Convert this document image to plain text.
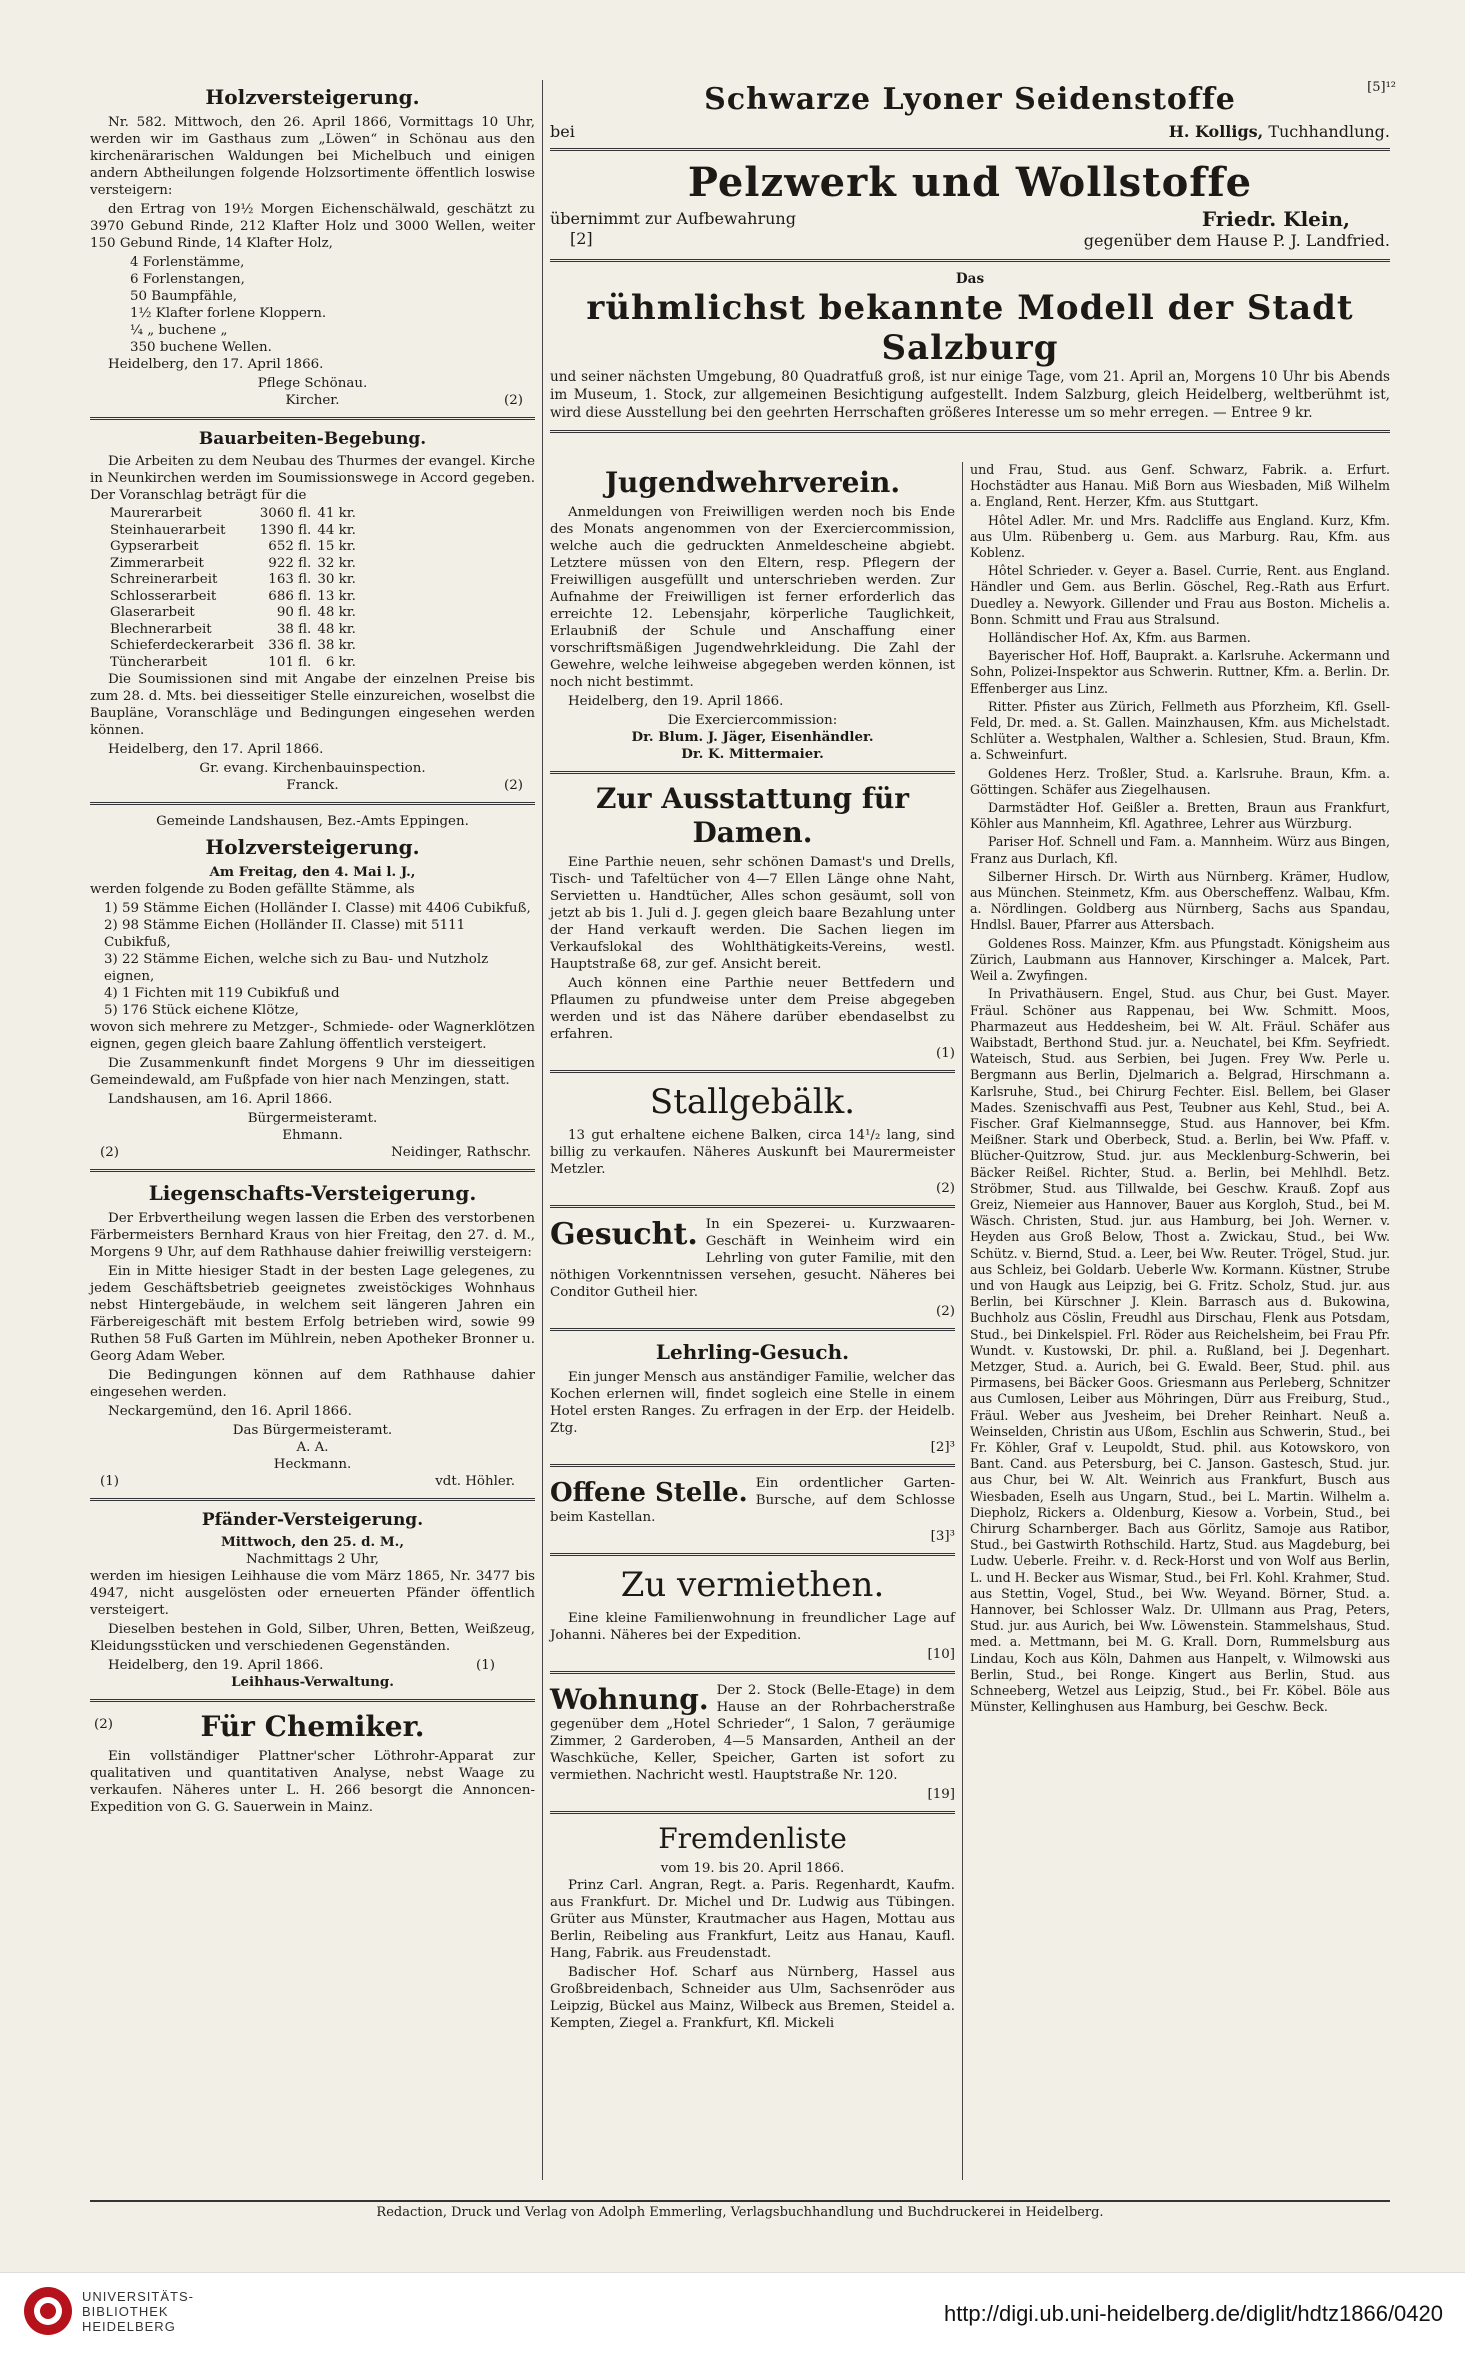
Holzversteigerung.

Nr. 582. Mittwoch, den 26. April 1866, Vormittags 10 Uhr, werden wir im Gasthaus zum „Löwen“ in Schönau aus den kirchenärarischen Waldungen bei Michelbuch und einigen andern Abtheilungen folgende Holzsortimente öffentlich loswise versteigern:

den Ertrag von 19½ Morgen Eichenschälwald, geschätzt zu 3970 Gebund Rinde, 212 Klafter Holz und 3000 Wellen, weiter 150 Gebund Rinde, 14 Klafter Holz,

4 Forlenstämme,
6 Forlenstangen,
50 Baumpfähle,
1½ Klafter forlene Kloppern.
¼ „ buchene „
350 buchene Wellen.

Heidelberg, den 17. April 1866.

Pflege Schönau.
Kircher.	(2)
Bauarbeiten-Begebung.

Die Arbeiten zu dem Neubau des Thurmes der evangel. Kirche in Neunkirchen werden im Soumissionswege in Accord gegeben. Der Voranschlag beträgt für die

Maurerarbeit	3060 fl.	41 kr.
Steinhauerarbeit	1390 fl.	44 kr.
Gypserarbeit	652 fl.	15 kr.
Zimmerarbeit	922 fl.	32 kr.
Schreinerarbeit	163 fl.	30 kr.
Schlosserarbeit	686 fl.	13 kr.
Glaserarbeit	90 fl.	48 kr.
Blechnerarbeit	38 fl.	48 kr.
Schieferdeckerarbeit	336 fl.	38 kr.
Tüncherarbeit	101 fl.	6 kr.

Die Soumissionen sind mit Angabe der einzelnen Preise bis zum 28. d. Mts. bei diesseitiger Stelle einzureichen, woselbst die Baupläne, Voranschläge und Bedingungen eingesehen werden können.

Heidelberg, den 17. April 1866.

Gr. evang. Kirchenbauinspection.
Franck.	(2)
Gemeinde Landshausen, Bez.-Amts Eppingen.
Holzversteigerung.
Am Freitag, den 4. Mai l. J.,

werden folgende zu Boden gefällte Stämme, als

1) 59 Stämme Eichen (Holländer I. Classe) mit 4406 Cubikfuß,
2) 98 Stämme Eichen (Holländer II. Classe) mit 5111 Cubikfuß,
3) 22 Stämme Eichen, welche sich zu Bau- und Nutzholz eignen,
4) 1 Fichten mit 119 Cubikfuß und
5) 176 Stück eichene Klötze,

wovon sich mehrere zu Metzger-, Schmiede- oder Wagnerklötzen eignen, gegen gleich baare Zahlung öffentlich versteigert.

Die Zusammenkunft findet Morgens 9 Uhr im diesseitigen Gemeindewald, am Fußpfade von hier nach Menzingen, statt.

Landshausen, am 16. April 1866.

Bürgermeisteramt.
Ehmann.
(2)	Neidinger, Rathschr.
Liegenschafts-Versteigerung.

Der Erbvertheilung wegen lassen die Erben des verstorbenen Färbermeisters Bernhard Kraus von hier Freitag, den 27. d. M., Morgens 9 Uhr, auf dem Rathhause dahier freiwillig versteigern:

Ein in Mitte hiesiger Stadt in der besten Lage gelegenes, zu jedem Geschäftsbetrieb geeignetes zweistöckiges Wohnhaus nebst Hintergebäude, in welchem seit längeren Jahren ein Färbereigeschäft mit bestem Erfolg betrieben wird, sowie 99 Ruthen 58 Fuß Garten im Mühlrein, neben Apotheker Bronner u. Georg Adam Weber.

Die Bedingungen können auf dem Rathhause dahier eingesehen werden.

Neckargemünd, den 16. April 1866.

Das Bürgermeisteramt.
A. A.
Heckmann.
(1)	vdt. Höhler.
Pfänder-Versteigerung.
Mittwoch, den 25. d. M.,
Nachmittags 2 Uhr,

werden im hiesigen Leihhause die vom März 1865, Nr. 3477 bis 4947, nicht ausgelösten oder erneuerten Pfänder öffentlich versteigert.

Dieselben bestehen in Gold, Silber, Uhren, Betten, Weißzeug, Kleidungsstücken und verschiedenen Gegenständen.

Heidelberg, den 19. April 1866.	(1)
Leihhaus-Verwaltung.
(2)	Für Chemiker.

Ein vollständiger Plattner'scher Löthrohr-Apparat zur qualitativen und quantitativen Analyse, nebst Waage zu verkaufen. Näheres unter L. H. 266 besorgt die Annoncen-Expedition von G. G. Sauerwein in Mainz.

Schwarze Lyoner Seidenstoffe	[5]¹²
bei	H. Kolligs, Tuchhandlung.
Pelzwerk und Wollstoffe
übernimmt zur Aufbewahrung	Friedr. Klein,
[2]	gegenüber dem Hause P. J. Landfried.
Das
rühmlichst bekannte Modell der Stadt Salzburg

und seiner nächsten Umgebung, 80 Quadratfuß groß, ist nur einige Tage, vom 21. April an, Morgens 10 Uhr bis Abends im Museum, 1. Stock, zur allgemeinen Besichtigung aufgestellt. Indem Salzburg, gleich Heidelberg, weltberühmt ist, wird diese Ausstellung bei den geehrten Herrschaften größeres Interesse um so mehr erregen. — Entree 9 kr.

Jugendwehrverein.

Anmeldungen von Freiwilligen werden noch bis Ende des Monats angenommen von der Exerciercommission, welche auch die gedruckten Anmeldescheine abgiebt. Letztere müssen von den Eltern, resp. Pflegern der Freiwilligen ausgefüllt und unterschrieben werden. Zur Aufnahme der Freiwilligen ist ferner erforderlich das erreichte 12. Lebensjahr, körperliche Tauglichkeit, Erlaubniß der Schule und Anschaffung einer vorschriftsmäßigen Jugendwehrkleidung. Die Zahl der Gewehre, welche leihweise abgegeben werden können, ist noch nicht bestimmt.

Heidelberg, den 19. April 1866.

Die Exerciercommission:
Dr. Blum. J. Jäger, Eisenhändler.
Dr. K. Mittermaier.
Zur Ausstattung für Damen.

Eine Parthie neuen, sehr schönen Damast's und Drells, Tisch- und Tafeltücher von 4—7 Ellen Länge ohne Naht, Servietten u. Handtücher, Alles schon gesäumt, soll von jetzt ab bis 1. Juli d. J. gegen gleich baare Bezahlung unter der Hand verkauft werden. Die Sachen liegen im Verkaufslokal des Wohlthätigkeits-Vereins, westl. Hauptstraße 68, zur gef. Ansicht bereit.

Auch können eine Parthie neuer Bettfedern und Pflaumen zu pfundweise unter dem Preise abgegeben werden und ist das Nähere darüber ebendaselbst zu erfahren.

(1)
Stallgebälk.

13 gut erhaltene eichene Balken, circa 14¹/₂ lang, sind billig zu verkaufen. Näheres Auskunft bei Maurermeister Metzler.

(2)
Gesucht. In ein Spezerei- u. Kurzwaaren-Geschäft in Weinheim wird ein Lehrling von guter Familie, mit den nöthigen Vorkenntnissen versehen, gesucht. Näheres bei Conditor Gutheil hier.

(2)
Lehrling-Gesuch.

Ein junger Mensch aus anständiger Familie, welcher das Kochen erlernen will, findet sogleich eine Stelle in einem Hotel ersten Ranges. Zu erfragen in der Erp. der Heidelb. Ztg.

[2]³
Offene Stelle. Ein ordentlicher Garten-Bursche, auf dem Schlosse beim Kastellan.

[3]³
Zu vermiethen.

Eine kleine Familienwohnung in freundlicher Lage auf Johanni. Näheres bei der Expedition.

[10]
Wohnung. Der 2. Stock (Belle-Etage) in dem Hause an der Rohrbacherstraße gegenüber dem „Hotel Schrieder“, 1 Salon, 7 geräumige Zimmer, 2 Garderoben, 4—5 Mansarden, Antheil an der Waschküche, Keller, Speicher, Garten ist sofort zu vermiethen. Nachricht westl. Hauptstraße Nr. 120.

[19]
Fremdenliste
vom 19. bis 20. April 1866.

Prinz Carl. Angran, Regt. a. Paris. Regenhardt, Kaufm. aus Frankfurt. Dr. Michel und Dr. Ludwig aus Tübingen. Grüter aus Münster, Krautmacher aus Hagen, Mottau aus Berlin, Reibeling aus Frankfurt, Leitz aus Hanau, Kaufl. Hang, Fabrik. aus Freudenstadt.

Badischer Hof. Scharf aus Nürnberg, Hassel aus Großbreidenbach, Schneider aus Ulm, Sachsenröder aus Leipzig, Bückel aus Mainz, Wilbeck aus Bremen, Steidel a. Kempten, Ziegel a. Frankfurt, Kfl. Mickeli

und Frau, Stud. aus Genf. Schwarz, Fabrik. a. Erfurt. Hochstädter aus Hanau. Miß Born aus Wiesbaden, Miß Wilhelm a. England, Rent. Herzer, Kfm. aus Stuttgart.

Hôtel Adler. Mr. und Mrs. Radcliffe aus England. Kurz, Kfm. aus Ulm. Rübenberg u. Gem. aus Marburg. Rau, Kfm. aus Koblenz.

Hôtel Schrieder. v. Geyer a. Basel. Currie, Rent. aus England. Händler und Gem. aus Berlin. Göschel, Reg.-Rath aus Erfurt. Duedley a. Newyork. Gillender und Frau aus Boston. Michelis a. Bonn. Schmitt und Frau aus Stralsund.

Holländischer Hof. Ax, Kfm. aus Barmen.

Bayerischer Hof. Hoff, Bauprakt. a. Karlsruhe. Ackermann und Sohn, Polizei-Inspektor aus Schwerin. Ruttner, Kfm. a. Berlin. Dr. Effenberger aus Linz.

Ritter. Pfister aus Zürich, Fellmeth aus Pforzheim, Kfl. Gsell-Feld, Dr. med. a. St. Gallen. Mainzhausen, Kfm. aus Michelstadt. Schlüter a. Westphalen, Walther a. Schlesien, Stud. Braun, Kfm. a. Schweinfurt.

Goldenes Herz. Troßler, Stud. a. Karlsruhe. Braun, Kfm. a. Göttingen. Schäfer aus Ziegelhausen.

Darmstädter Hof. Geißler a. Bretten, Braun aus Frankfurt, Köhler aus Mannheim, Kfl. Agathree, Lehrer aus Würzburg.

Pariser Hof. Schnell und Fam. a. Mannheim. Würz aus Bingen, Franz aus Durlach, Kfl.

Silberner Hirsch. Dr. Wirth aus Nürnberg. Krämer, Hudlow, aus München. Steinmetz, Kfm. aus Oberscheffenz. Walbau, Kfm. a. Nördlingen. Goldberg aus Nürnberg, Sachs aus Spandau, Hndlsl. Bauer, Pfarrer aus Attersbach.

Goldenes Ross. Mainzer, Kfm. aus Pfungstadt. Königsheim aus Zürich, Laubmann aus Hannover, Kirschinger a. Malcek, Part. Weil a. Zwyfingen.

In Privathäusern. Engel, Stud. aus Chur, bei Gust. Mayer. Fräul. Schöner aus Rappenau, bei Ww. Schmitt. Moos, Pharmazeut aus Heddesheim, bei W. Alt. Fräul. Schäfer aus Waibstadt, Berthond Stud. jur. a. Neuchatel, bei Kfm. Seyfriedt. Wateisch, Stud. aus Serbien, bei Jugen. Frey Ww. Perle u. Bergmann aus Berlin, Djelmarich a. Belgrad, Hirschmann a. Karlsruhe, Stud., bei Chirurg Fechter. Eisl. Bellem, bei Glaser Mades. Szenischvaffi aus Pest, Teubner aus Kehl, Stud., bei A. Fischer. Graf Kielmannsegge, Stud. aus Hannover, bei Kfm. Meißner. Stark und Oberbeck, Stud. a. Berlin, bei Ww. Pfaff. v. Blücher-Quitzrow, Stud. jur. aus Mecklenburg-Schwerin, bei Bäcker Reißel. Richter, Stud. a. Berlin, bei Mehlhdl. Betz. Ströbmer, Stud. aus Tillwalde, bei Geschw. Krauß. Zopf aus Greiz, Niemeier aus Hannover, Bauer aus Korgloh, Stud., bei M. Wäsch. Christen, Stud. jur. aus Hamburg, bei Joh. Werner. v. Heyden aus Groß Below, Thost a. Zwickau, Stud., bei Ww. Schütz. v. Biernd, Stud. a. Leer, bei Ww. Reuter. Trögel, Stud. jur. aus Schleiz, bei Goldarb. Ueberle Ww. Kormann. Küstner, Strube und von Haugk aus Leipzig, bei G. Fritz. Scholz, Stud. jur. aus Berlin, bei Kürschner J. Klein. Barrasch aus d. Bukowina, Buchholz aus Cöslin, Freudhl aus Dirschau, Flenk aus Potsdam, Stud., bei Dinkelspiel. Frl. Röder aus Reichelsheim, bei Frau Pfr. Wundt. v. Kustowski, Dr. phil. a. Rußland, bei J. Degenhart. Metzger, Stud. a. Aurich, bei G. Ewald. Beer, Stud. phil. aus Pirmasens, bei Bäcker Goos. Griesmann aus Perleberg, Schnitzer aus Cumlosen, Leiber aus Möhringen, Dürr aus Freiburg, Stud., Fräul. Weber aus Jvesheim, bei Dreher Reinhart. Neuß a. Weinselden, Christin aus Ußom, Eschlin aus Schwerin, Stud., bei Fr. Köhler, Graf v. Leupoldt, Stud. phil. aus Kotowskoro, von Bant. Cand. aus Petersburg, bei C. Janson. Gastesch, Stud. jur. aus Chur, bei W. Alt. Weinrich aus Frankfurt, Busch aus Wiesbaden, Eselh aus Ungarn, Stud., bei L. Martin. Wilhelm a. Diepholz, Rickers a. Oldenburg, Kiesow a. Vorbein, Stud., bei Chirurg Scharnberger. Bach aus Görlitz, Samoje aus Ratibor, Stud., bei Gastwirth Rothschild. Hartz, Stud. aus Magdeburg, bei Ludw. Ueberle. Freihr. v. d. Reck-Horst und von Wolf aus Berlin, L. und H. Becker aus Wismar, Stud., bei Frl. Kohl. Krahmer, Stud. aus Stettin, Vogel, Stud., bei Ww. Weyand. Börner, Stud. a. Hannover, bei Schlosser Walz. Dr. Ullmann aus Prag, Peters, Stud. jur. aus Aurich, bei Ww. Löwenstein. Stammelshaus, Stud. med. a. Mettmann, bei M. G. Krall. Dorn, Rummelsburg aus Lindau, Koch aus Köln, Dahmen aus Hanpelt, v. Wilmowski aus Berlin, Stud., bei Ronge. Kingert aus Berlin, Stud. aus Schneeberg, Wetzel aus Leipzig, Stud., bei Fr. Köbel. Böle aus Münster, Kellinghusen aus Hamburg, bei Geschw. Beck.

Redaction, Druck und Verlag von Adolph Emmerling, Verlagsbuchhandlung und Buchdruckerei in Heidelberg.
UNIVERSITÄTS-
BIBLIOTHEK
HEIDELBERG
http://digi.ub.uni-heidelberg.de/diglit/hdtz1866/0420
